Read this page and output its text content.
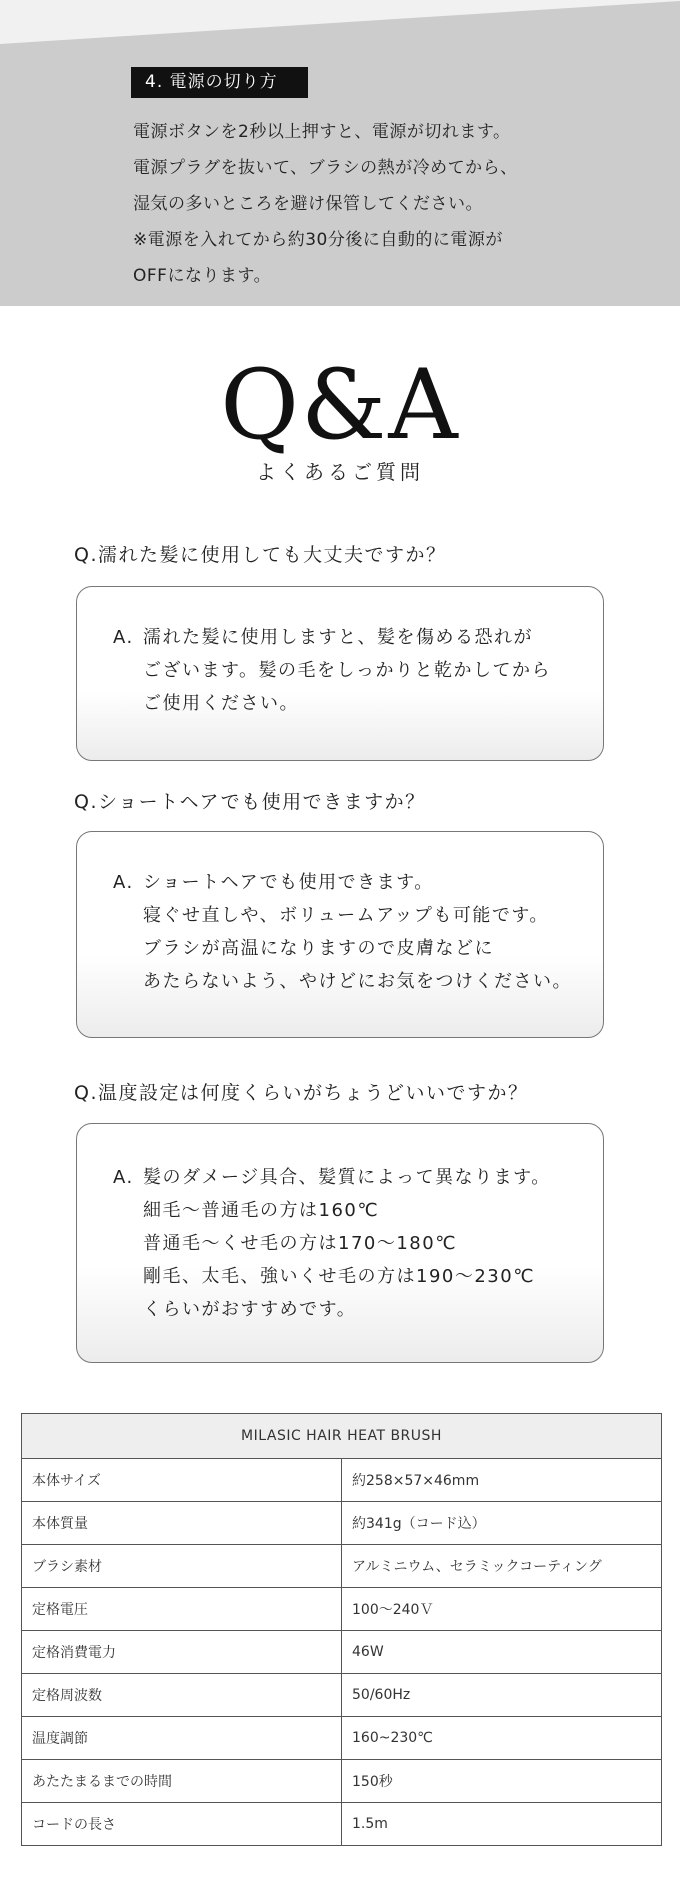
4. 電源の切り方
電源ボタンを2秒以上押すと、電源が切れます。
電源プラグを抜いて、ブラシの熱が冷めてから、
湿気の多いところを避け保管してください。
※電源を入れてから約30分後に自動的に電源が
OFFになります。
Q&A
よくあるご質問
Q.濡れた髪に使用しても大丈夫ですか？
A. 濡れた髪に使用しますと、髪を傷める恐れが
ございます。髪の毛をしっかりと乾かしてから
ご使用ください。
Q.ショートヘアでも使用できますか？
A. ショートヘアでも使用できます。
寝ぐせ直しや、ボリュームアップも可能です。
ブラシが高温になりますので皮膚などに
あたらないよう、やけどにお気をつけください。
Q.温度設定は何度くらいがちょうどいいですか？
A. 髪のダメージ具合、髪質によって異なります。
細毛～普通毛の方は160℃
普通毛～くせ毛の方は170～180℃
剛毛、太毛、強いくせ毛の方は190～230℃
くらいがおすすめです。
MILASIC HAIR HEAT BRUSH	
本体サイズ	約258×57×46mm
本体質量	約341g（コード込）
ブラシ素材	アルミニウム、セラミックコーティング
定格電圧	100～240Ｖ
定格消費電力	46W
定格周波数	50/60Hz
温度調節	160~230℃
あたたまるまでの時間	150秒
コードの長さ	1.5m
